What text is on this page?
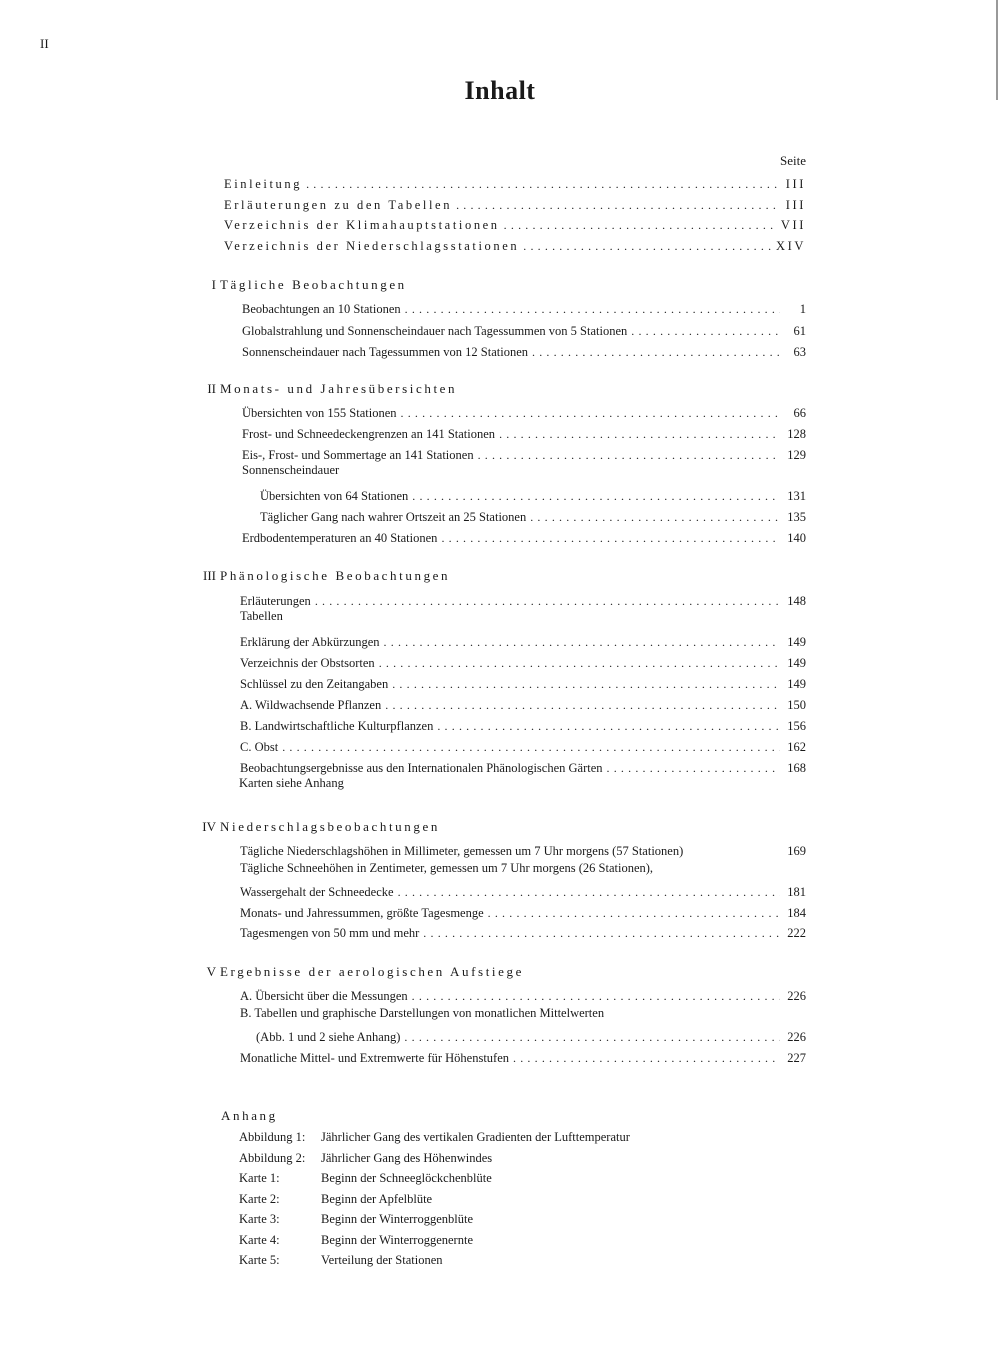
II
Inhalt
Seite
Einleitung . . .	III
Erläuterungen zu den Tabellen . . .	III
Verzeichnis der Klimahauptstationen . . .	VII
Verzeichnis der Niederschlagsstationen . . .	XIV
I Tägliche Beobachtungen
Beobachtungen an 10 Stationen . . .	1
Globalstrahlung und Sonnenscheindauer nach Tagessummen von 5 Stationen . . .	61
Sonnenscheindauer nach Tagessummen von 12 Stationen . . .	63
II Monats- und Jahresübersichten
Übersichten von 155 Stationen . . .	66
Frost- und Schneedeckengrenzen an 141 Stationen . . .	128
Eis-, Frost- und Sommertage an 141 Stationen . . .	129
Sonnenscheindauer
Übersichten von 64 Stationen . . .	131
Täglicher Gang nach wahrer Ortszeit an 25 Stationen . . .	135
Erdbodentemperaturen an 40 Stationen . . .	140
III Phänologische Beobachtungen
Erläuterungen . . .	148
Tabellen
Erklärung der Abkürzungen . . .	149
Verzeichnis der Obstsorten . . .	149
Schlüssel zu den Zeitangaben . . .	149
A. Wildwachsende Pflanzen . . .	150
B. Landwirtschaftliche Kulturpflanzen . . .	156
C. Obst . . .	162
Beobachtungsergebnisse aus den Internationalen Phänologischen Gärten . . .	168
Karten siehe Anhang
IV Niederschlagsbeobachtungen
Tägliche Niederschlagshöhen in Millimeter, gemessen um 7 Uhr morgens (57 Stationen)	169
Tägliche Schneehöhen in Zentimeter, gemessen um 7 Uhr morgens (26 Stationen),
Wassergehalt der Schneedecke . . .	181
Monats- und Jahressummen, größte Tagesmenge . . .	184
Tagesmengen von 50 mm und mehr . . .	222
V Ergebnisse der aerologischen Aufstiege
A. Übersicht über die Messungen . . .	226
B. Tabellen und graphische Darstellungen von monatlichen Mittelwerten
(Abb. 1 und 2 siehe Anhang) . . .	226
Monatliche Mittel- und Extremwerte für Höhenstufen . . .	227
Anhang
Abbildung 1: Jährlicher Gang des vertikalen Gradienten der Lufttemperatur
Abbildung 2: Jährlicher Gang des Höhenwindes
Karte 1:	Beginn der Schneeglöckchenblüte
Karte 2:	Beginn der Apfelblüte
Karte 3:	Beginn der Winterroggenblüte
Karte 4:	Beginn der Winterroggenernte
Karte 5:	Verteilung der Stationen
